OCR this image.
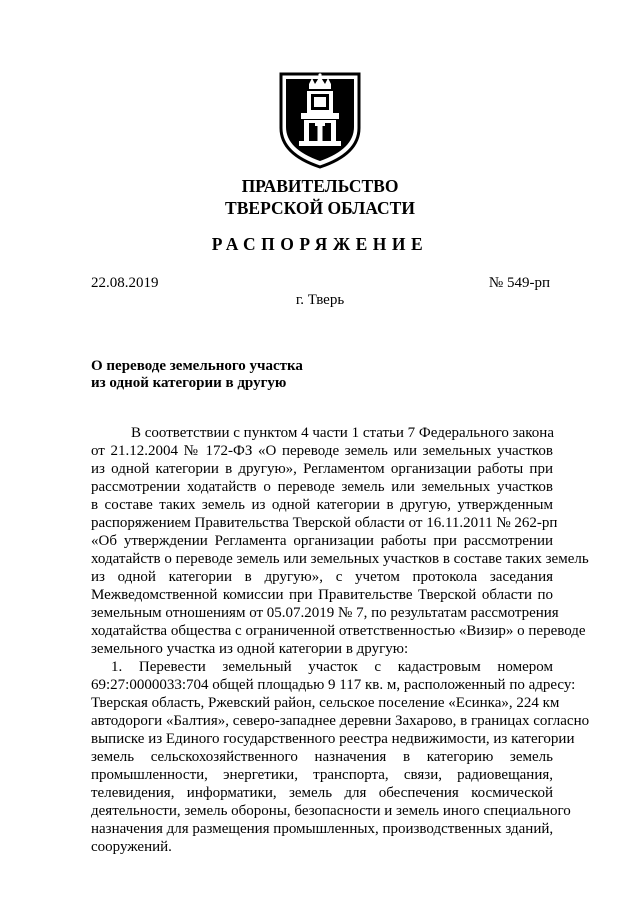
ПРАВИТЕЛЬСТВО
ТВЕРСКОЙ ОБЛАСТИ
РАСПОРЯЖЕНИЕ
22.08.2019	№ 549-рп
г. Тверь
О переводе земельного участка
из одной категории в другую
В соответствии с пунктом 4 части 1 статьи 7 Федерального закона
от 21.12.2004 № 172-ФЗ «О переводе земель или земельных участков
из одной категории в другую», Регламентом организации работы при
рассмотрении ходатайств о переводе земель или земельных участков
в составе таких земель из одной категории в другую, утвержденным
распоряжением Правительства Тверской области от 16.11.2011 № 262-рп
«Об утверждении Регламента организации работы при рассмотрении
ходатайств о переводе земель или земельных участков в составе таких земель
из одной категории в другую», с учетом протокола заседания
Межведомственной комиссии при Правительстве Тверской области по
земельным отношениям от 05.07.2019 № 7, по результатам рассмотрения
ходатайства общества с ограниченной ответственностью «Визир» о переводе
земельного участка из одной категории в другую:
1. Перевести земельный участок с кадастровым номером
69:27:0000033:704 общей площадью 9 117 кв. м, расположенный по адресу:
Тверская область, Ржевский район, сельское поселение «Есинка», 224 км
автодороги «Балтия», северо-западнее деревни Захарово, в границах согласно
выписке из Единого государственного реестра недвижимости, из категории
земель сельскохозяйственного назначения в категорию земель
промышленности, энергетики, транспорта, связи, радиовещания,
телевидения, информатики, земель для обеспечения космической
деятельности, земель обороны, безопасности и земель иного специального
назначения для размещения промышленных, производственных зданий,
сооружений.
